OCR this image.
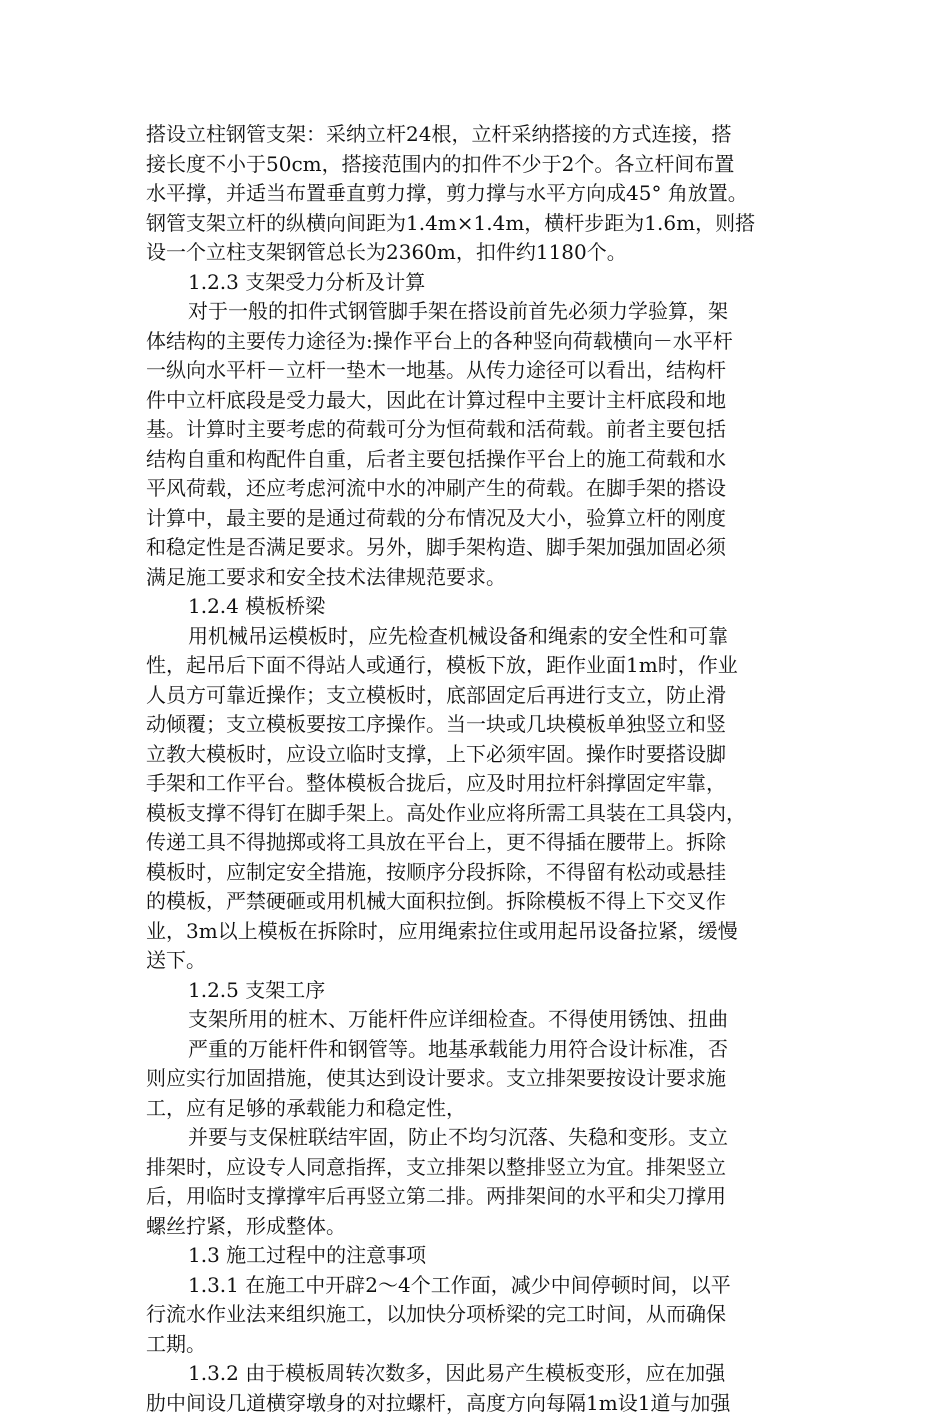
搭设立柱钢管支架：采纳立杆24根，立杆采纳搭接的方式连接，搭
接长度不小于50cm，搭接范围内的扣件不少于2个。各立杆间布置
水平撑，并适当布置垂直剪力撑，剪力撑与水平方向成45° 角放置。
钢管支架立杆的纵横向间距为1.4m×1.4m，横杆步距为1.6m，则搭
设一个立柱支架钢管总长为2360m，扣件约1180个。
1.2.3 支架受力分析及计算
对于一般的扣件式钢管脚手架在搭设前首先必须力学验算，架
体结构的主要传力途径为:操作平台上的各种竖向荷载横向－水平杆
一纵向水平杆－立杆一垫木一地基。从传力途径可以看出，结构杆
件中立杆底段是受力最大，因此在计算过程中主要计主杆底段和地
基。计算时主要考虑的荷载可分为恒荷载和活荷载。前者主要包括
结构自重和构配件自重，后者主要包括操作平台上的施工荷载和水
平风荷载，还应考虑河流中水的冲刷产生的荷载。在脚手架的搭设
计算中，最主要的是通过荷载的分布情况及大小，验算立杆的刚度
和稳定性是否满足要求。另外，脚手架构造、脚手架加强加固必须
满足施工要求和安全技术法律规范要求。
1.2.4 模板桥梁
用机械吊运模板时，应先检查机械设备和绳索的安全性和可靠
性，起吊后下面不得站人或通行，模板下放，距作业面1m时，作业
人员方可靠近操作；支立模板时，底部固定后再进行支立，防止滑
动倾覆；支立模板要按工序操作。当一块或几块模板单独竖立和竖
立教大模板时，应设立临时支撑，上下必须牢固。操作时要搭设脚
手架和工作平台。整体模板合拢后，应及时用拉杆斜撑固定牢靠，
模板支撑不得钉在脚手架上。高处作业应将所需工具装在工具袋内，
传递工具不得抛掷或将工具放在平台上，更不得插在腰带上。拆除
模板时，应制定安全措施，按顺序分段拆除，不得留有松动或悬挂
的模板，严禁硬砸或用机械大面积拉倒。拆除模板不得上下交叉作
业，3m以上模板在拆除时，应用绳索拉住或用起吊设备拉紧，缓慢
送下。
1.2.5 支架工序
支架所用的桩木、万能杆件应详细检查。不得使用锈蚀、扭曲
严重的万能杆件和钢管等。地基承载能力用符合设计标准，否
则应实行加固措施，使其达到设计要求。支立排架要按设计要求施
工，应有足够的承载能力和稳定性，
并要与支保桩联结牢固，防止不均匀沉落、失稳和变形。支立
排架时，应设专人同意指挥，支立排架以整排竖立为宜。排架竖立
后，用临时支撑撑牢后再竖立第二排。两排架间的水平和尖刀撑用
螺丝拧紧，形成整体。
1.3 施工过程中的注意事项
1.3.1 在施工中开辟2～4个工作面，减少中间停顿时间，以平
行流水作业法来组织施工，以加快分项桥梁的完工时间，从而确保
工期。
1.3.2 由于模板周转次数多，因此易产生模板变形，应在加强
肋中间设几道横穿墩身的对拉螺杆，高度方向每隔1m设1道与加强
